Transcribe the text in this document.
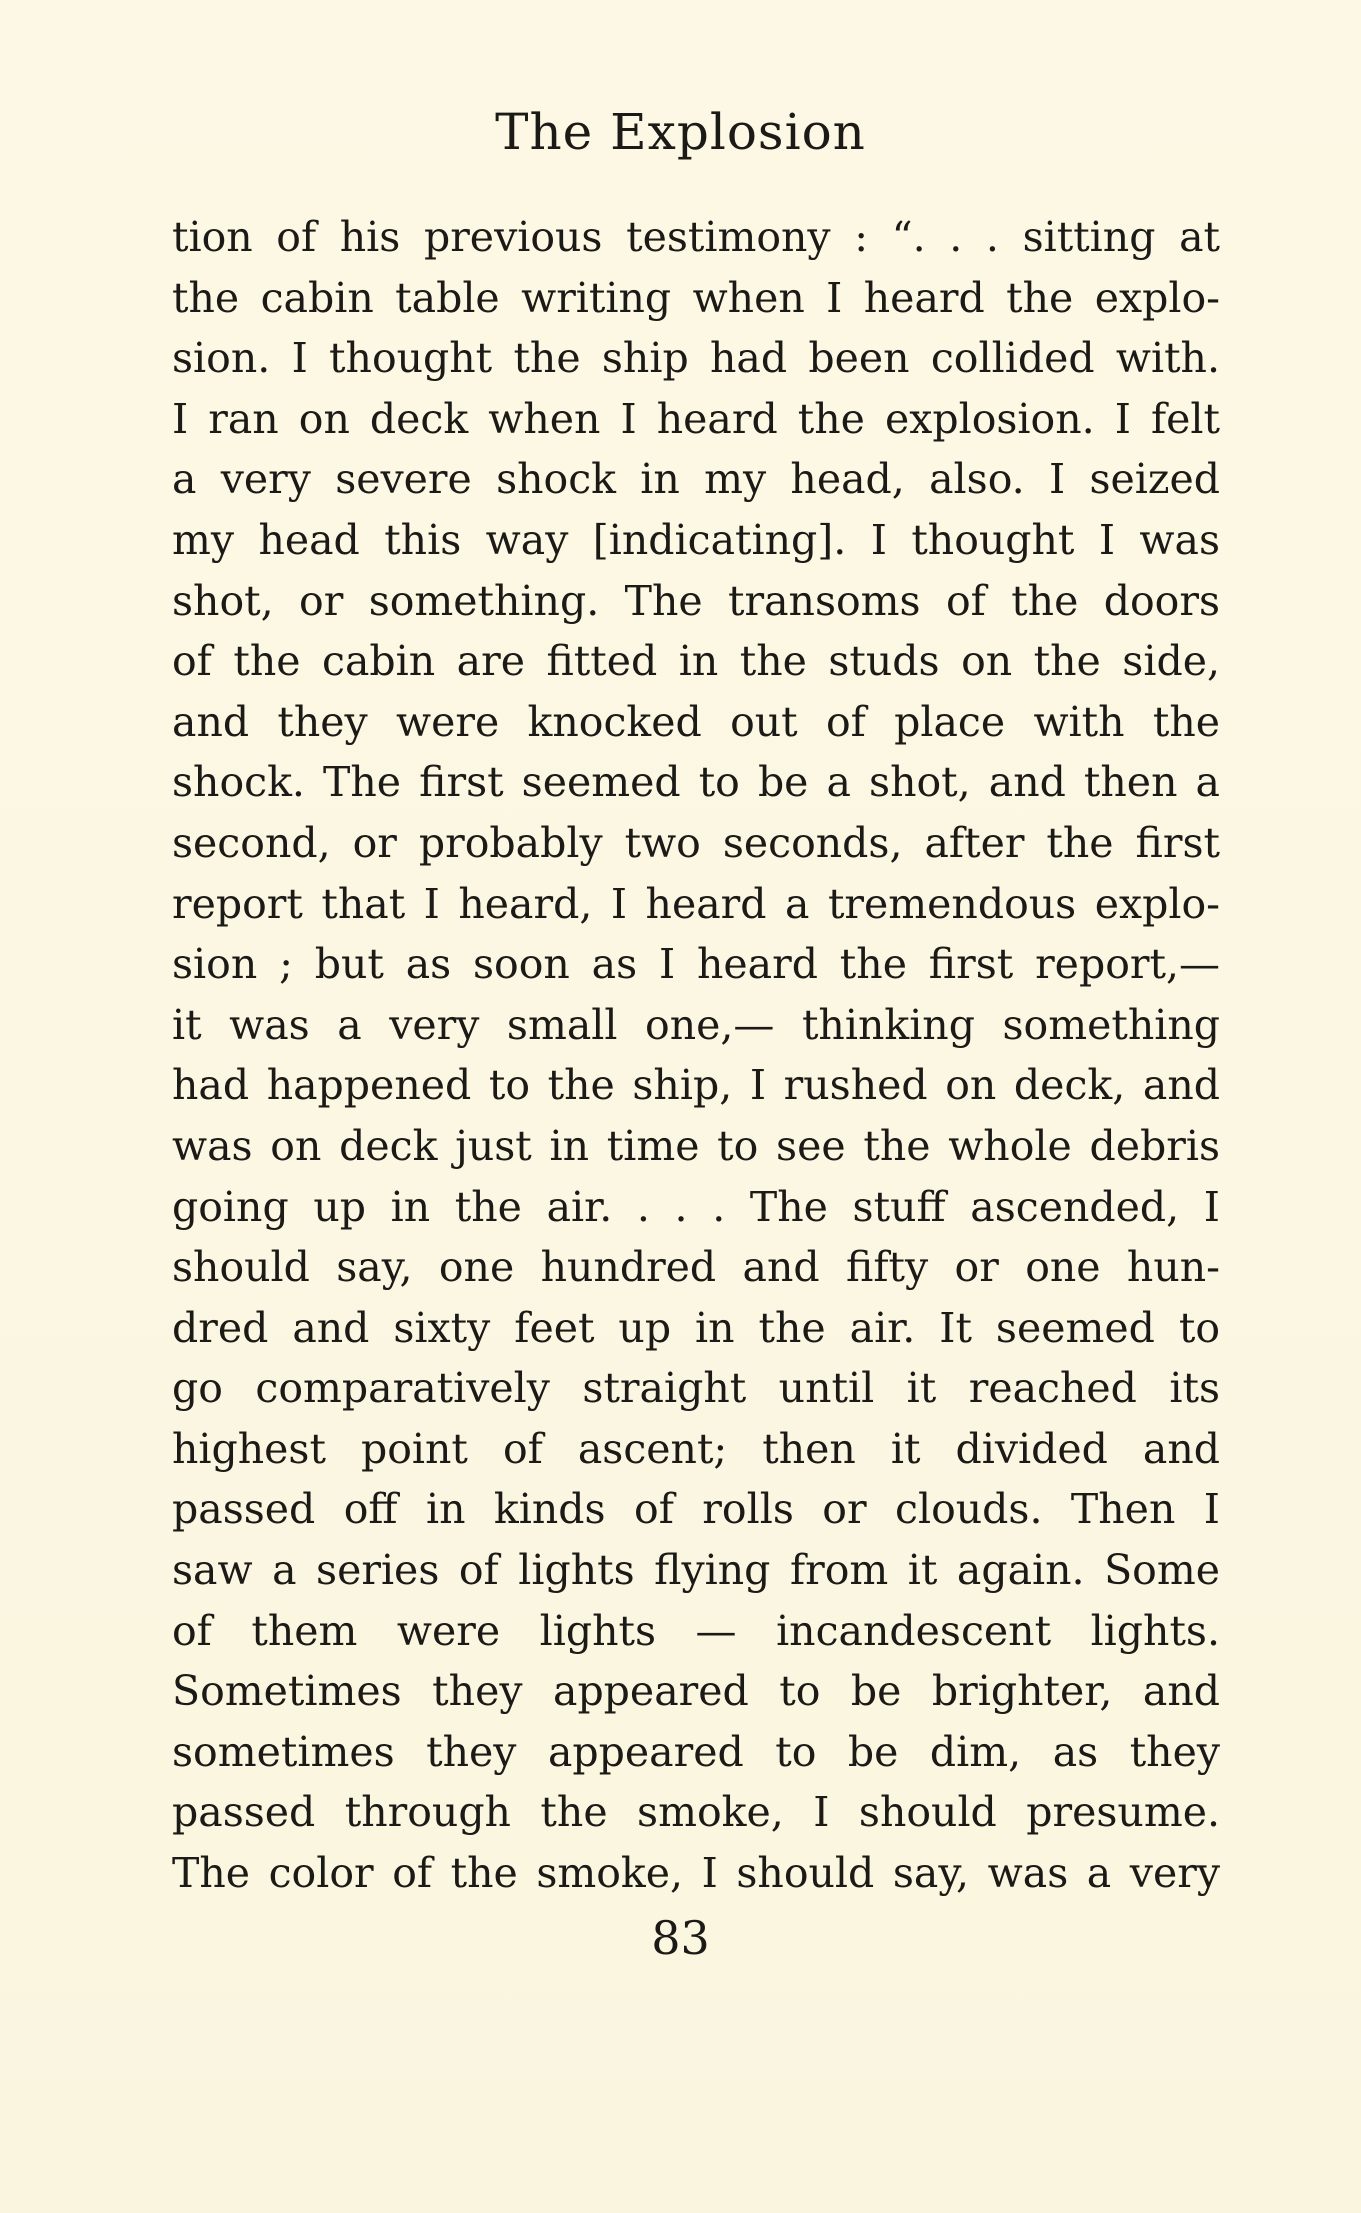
The Explosion
tion of his previous testimony : “. . . sitting at
the cabin table writing when I heard the explo-
sion. I thought the ship had been collided with.
I ran on deck when I heard the explosion. I felt
a very severe shock in my head, also. I seized
my head this way [indicating]. I thought I was
shot, or something. The transoms of the doors
of the cabin are fitted in the studs on the side,
and they were knocked out of place with the
shock. The first seemed to be a shot, and then a
second, or probably two seconds, after the first
report that I heard, I heard a tremendous explo-
sion ; but as soon as I heard the first report,—
it was a very small one,— thinking something
had happened to the ship, I rushed on deck, and
was on deck just in time to see the whole debris
going up in the air. . . . The stuff ascended, I
should say, one hundred and fifty or one hun-
dred and sixty feet up in the air. It seemed to
go comparatively straight until it reached its
highest point of ascent; then it divided and
passed off in kinds of rolls or clouds. Then I
saw a series of lights flying from it again. Some
of them were lights — incandescent lights.
Sometimes they appeared to be brighter, and
sometimes they appeared to be dim, as they
passed through the smoke, I should presume.
The color of the smoke, I should say, was a very
83
